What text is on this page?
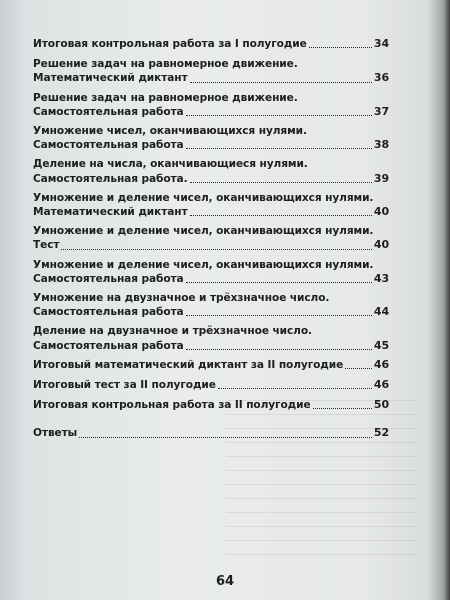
Итоговая контрольная работа за I полугодие	34
Решение задач на равномерное движение.
Математический диктант	36
Решение задач на равномерное движение.
Самостоятельная работа	37
Умножение чисел, оканчивающихся нулями.
Самостоятельная работа	38
Деление на числа, оканчивающиеся нулями.
Самостоятельная работа.	39
Умножение и деление чисел, оканчивающихся нулями.
Математический диктант	40
Умножение и деление чисел, оканчивающихся нулями.
Тест	40
Умножение и деление чисел, оканчивающихся нулями.
Самостоятельная работа	43
Умножение на двузначное и трёхзначное число.
Самостоятельная работа	44
Деление на двузначное и трёхзначное число.
Самостоятельная работа	45
Итоговый математический диктант за II полугодие	46
Итоговый тест за II полугодие	46
Итоговая контрольная работа за II полугодие	50
Ответы	52
64
